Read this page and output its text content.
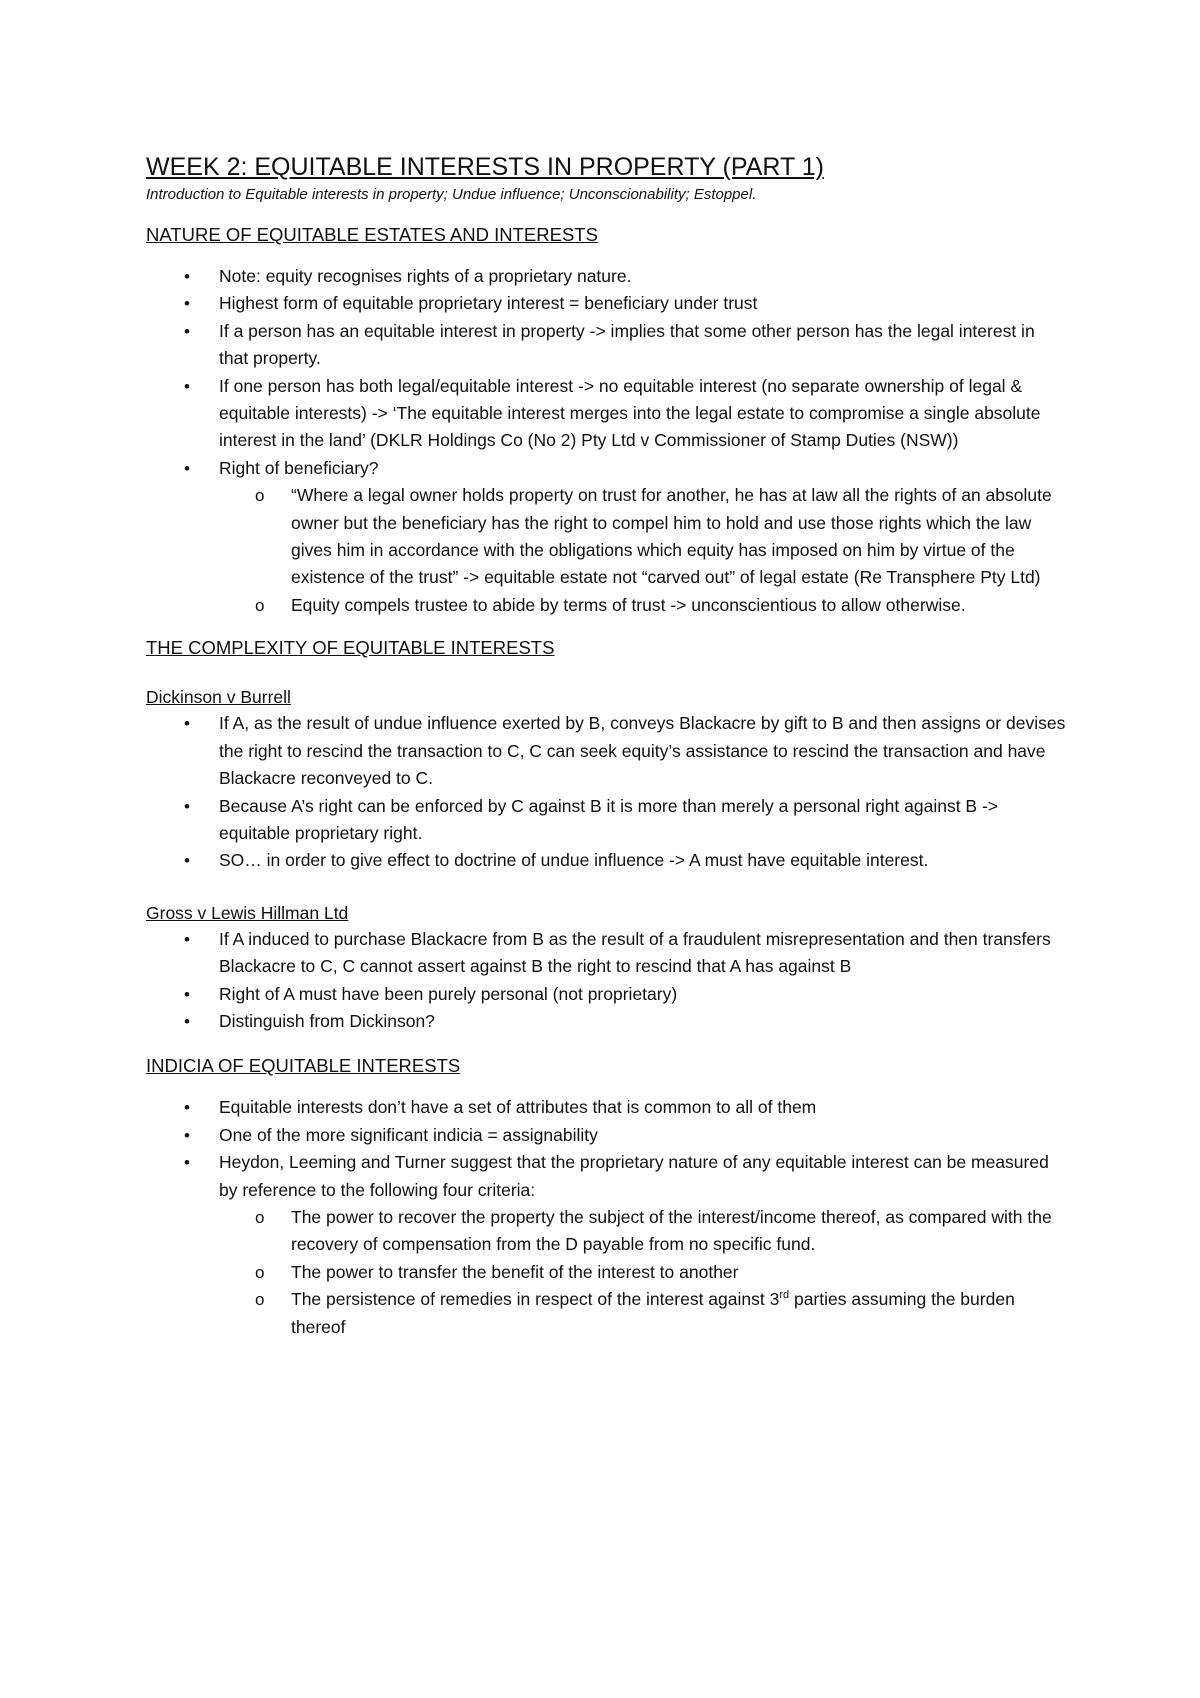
WEEK 2: EQUITABLE INTERESTS IN PROPERTY (PART 1)

Introduction to Equitable interests in property; Undue influence; Unconscionability; Estoppel.

NATURE OF EQUITABLE ESTATES AND INTERESTS
• Note: equity recognises rights of a proprietary nature.
• Highest form of equitable proprietary interest = beneficiary under trust
• If a person has an equitable interest in property -> implies that some other person has the legal interest in that property.
• If one person has both legal/equitable interest -> no equitable interest (no separate ownership of legal & equitable interests) -> ‘The equitable interest merges into the legal estate to compromise a single absolute interest in the land’ (DKLR Holdings Co (No 2) Pty Ltd v Commissioner of Stamp Duties (NSW))
• Right of beneficiary?
o “Where a legal owner holds property on trust for another, he has at law all the rights of an absolute owner but the beneficiary has the right to compel him to hold and use those rights which the law gives him in accordance with the obligations which equity has imposed on him by virtue of the existence of the trust” -> equitable estate not “carved out” of legal estate (Re Transphere Pty Ltd)
o Equity compels trustee to abide by terms of trust -> unconscientious to allow otherwise.
THE COMPLEXITY OF EQUITABLE INTERESTS
Dickinson v Burrell
• If A, as the result of undue influence exerted by B, conveys Blackacre by gift to B and then assigns or devises the right to rescind the transaction to C, C can seek equity’s assistance to rescind the transaction and have Blackacre reconveyed to C.
• Because A’s right can be enforced by C against B it is more than merely a personal right against B -> equitable proprietary right.
• SO… in order to give effect to doctrine of undue influence -> A must have equitable interest.
Gross v Lewis Hillman Ltd
• If A induced to purchase Blackacre from B as the result of a fraudulent misrepresentation and then transfers Blackacre to C, C cannot assert against B the right to rescind that A has against B
• Right of A must have been purely personal (not proprietary)
• Distinguish from Dickinson?
INDICIA OF EQUITABLE INTERESTS
• Equitable interests don’t have a set of attributes that is common to all of them
• One of the more significant indicia = assignability
• Heydon, Leeming and Turner suggest that the proprietary nature of any equitable interest can be measured by reference to the following four criteria:
o The power to recover the property the subject of the interest/income thereof, as compared with the recovery of compensation from the D payable from no specific fund.
o The power to transfer the benefit of the interest to another
o The persistence of remedies in respect of the interest against 3rd parties assuming the burden thereof
